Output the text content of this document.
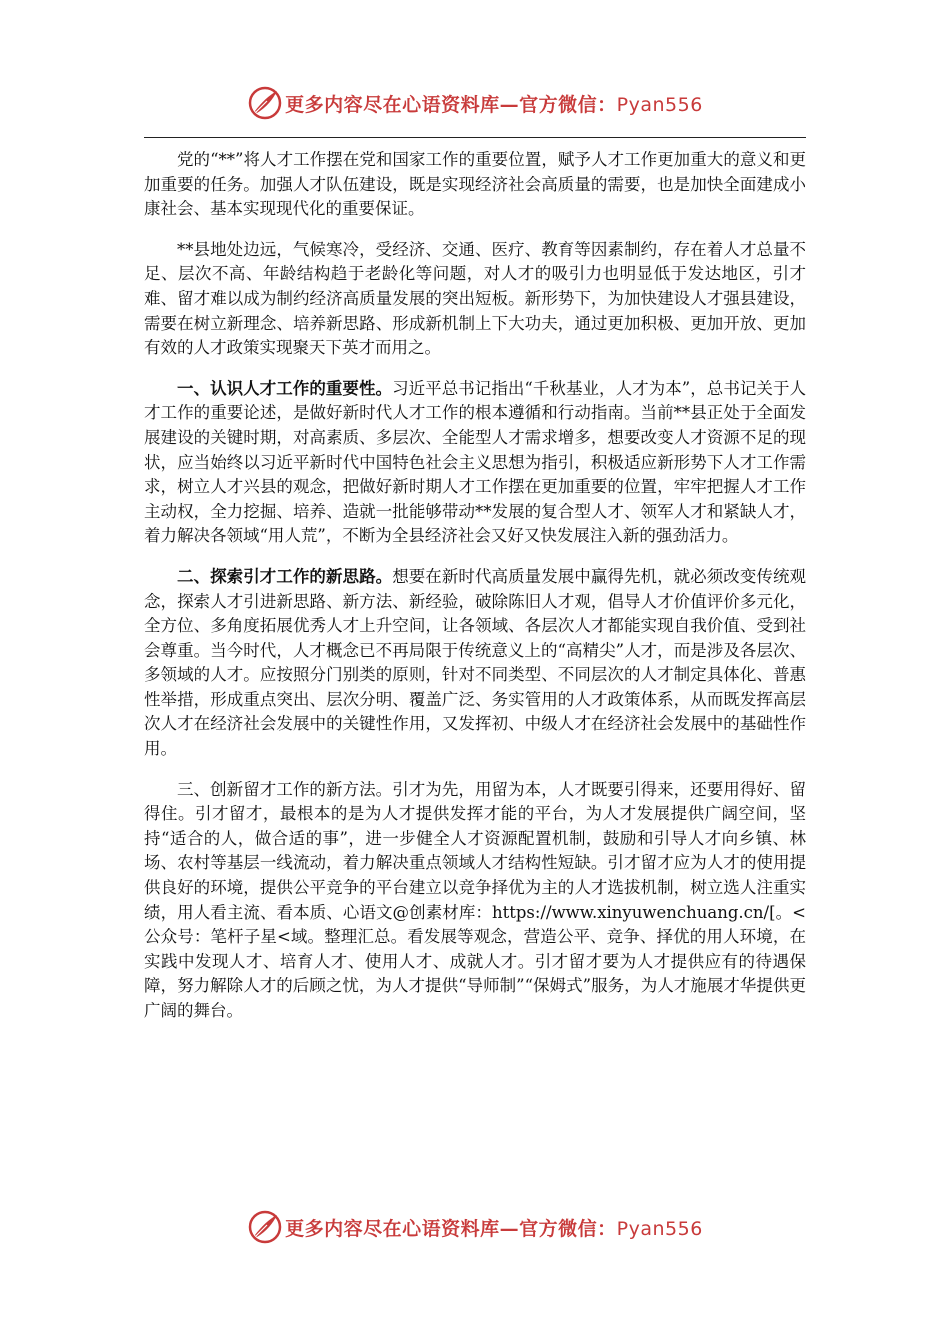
更多内容尽在心语资料库—官方微信：Pyan556

党的“**”将人才工作摆在党和国家工作的重要位置，赋予人才工作更加重大的意义和更加重要的任务。加强人才队伍建设，既是实现经济社会高质量的需要，也是加快全面建成小康社会、基本实现现代化的重要保证。

**县地处边远，气候寒冷，受经济、交通、医疗、教育等因素制约，存在着人才总量不足、层次不高、年龄结构趋于老龄化等问题，对人才的吸引力也明显低于发达地区，引才难、留才难以成为制约经济高质量发展的突出短板。新形势下，为加快建设人才强县建设，需要在树立新理念、培养新思路、形成新机制上下大功夫，通过更加积极、更加开放、更加有效的人才政策实现聚天下英才而用之。

一、认识人才工作的重要性。习近平总书记指出“千秋基业，人才为本”，总书记关于人才工作的重要论述，是做好新时代人才工作的根本遵循和行动指南。当前**县正处于全面发展建设的关键时期，对高素质、多层次、全能型人才需求增多，想要改变人才资源不足的现状，应当始终以习近平新时代中国特色社会主义思想为指引，积极适应新形势下人才工作需求，树立人才兴县的观念，把做好新时期人才工作摆在更加重要的位置，牢牢把握人才工作主动权，全力挖掘、培养、造就一批能够带动**发展的复合型人才、领军人才和紧缺人才，着力解决各领域“用人荒”，不断为全县经济社会又好又快发展注入新的强劲活力。

二、探索引才工作的新思路。想要在新时代高质量发展中赢得先机，就必须改变传统观念，探索人才引进新思路、新方法、新经验，破除陈旧人才观，倡导人才价值评价多元化，全方位、多角度拓展优秀人才上升空间，让各领域、各层次人才都能实现自我价值、受到社会尊重。当今时代，人才概念已不再局限于传统意义上的“高精尖”人才，而是涉及各层次、多领域的人才。应按照分门别类的原则，针对不同类型、不同层次的人才制定具体化、普惠性举措，形成重点突出、层次分明、覆盖广泛、务实管用的人才政策体系，从而既发挥高层次人才在经济社会发展中的关键性作用，又发挥初、中级人才在经济社会发展中的基础性作用。

三、创新留才工作的新方法。引才为先，用留为本，人才既要引得来，还要用得好、留得住。引才留才，最根本的是为人才提供发挥才能的平台，为人才发展提供广阔空间，坚持“适合的人，做合适的事”，进一步健全人才资源配置机制，鼓励和引导人才向乡镇、林场、农村等基层一线流动，着力解决重点领域人才结构性短缺。引才留才应为人才的使用提供良好的环境，提供公平竞争的平台建立以竞争择优为主的人才选拔机制，树立选人注重实绩，用人看主流、看本质、心语文@创素材库：https://www.xinyuwenchuang.cn/[。<公众号：笔杆子星<域。整理汇总。看发展等观念，营造公平、竞争、择优的用人环境，在实践中发现人才、培育人才、使用人才、成就人才。引才留才要为人才提供应有的待遇保障，努力解除人才的后顾之忧，为人才提供“导师制”“保姆式”服务，为人才施展才华提供更广阔的舞台。

更多内容尽在心语资料库—官方微信：Pyan556
